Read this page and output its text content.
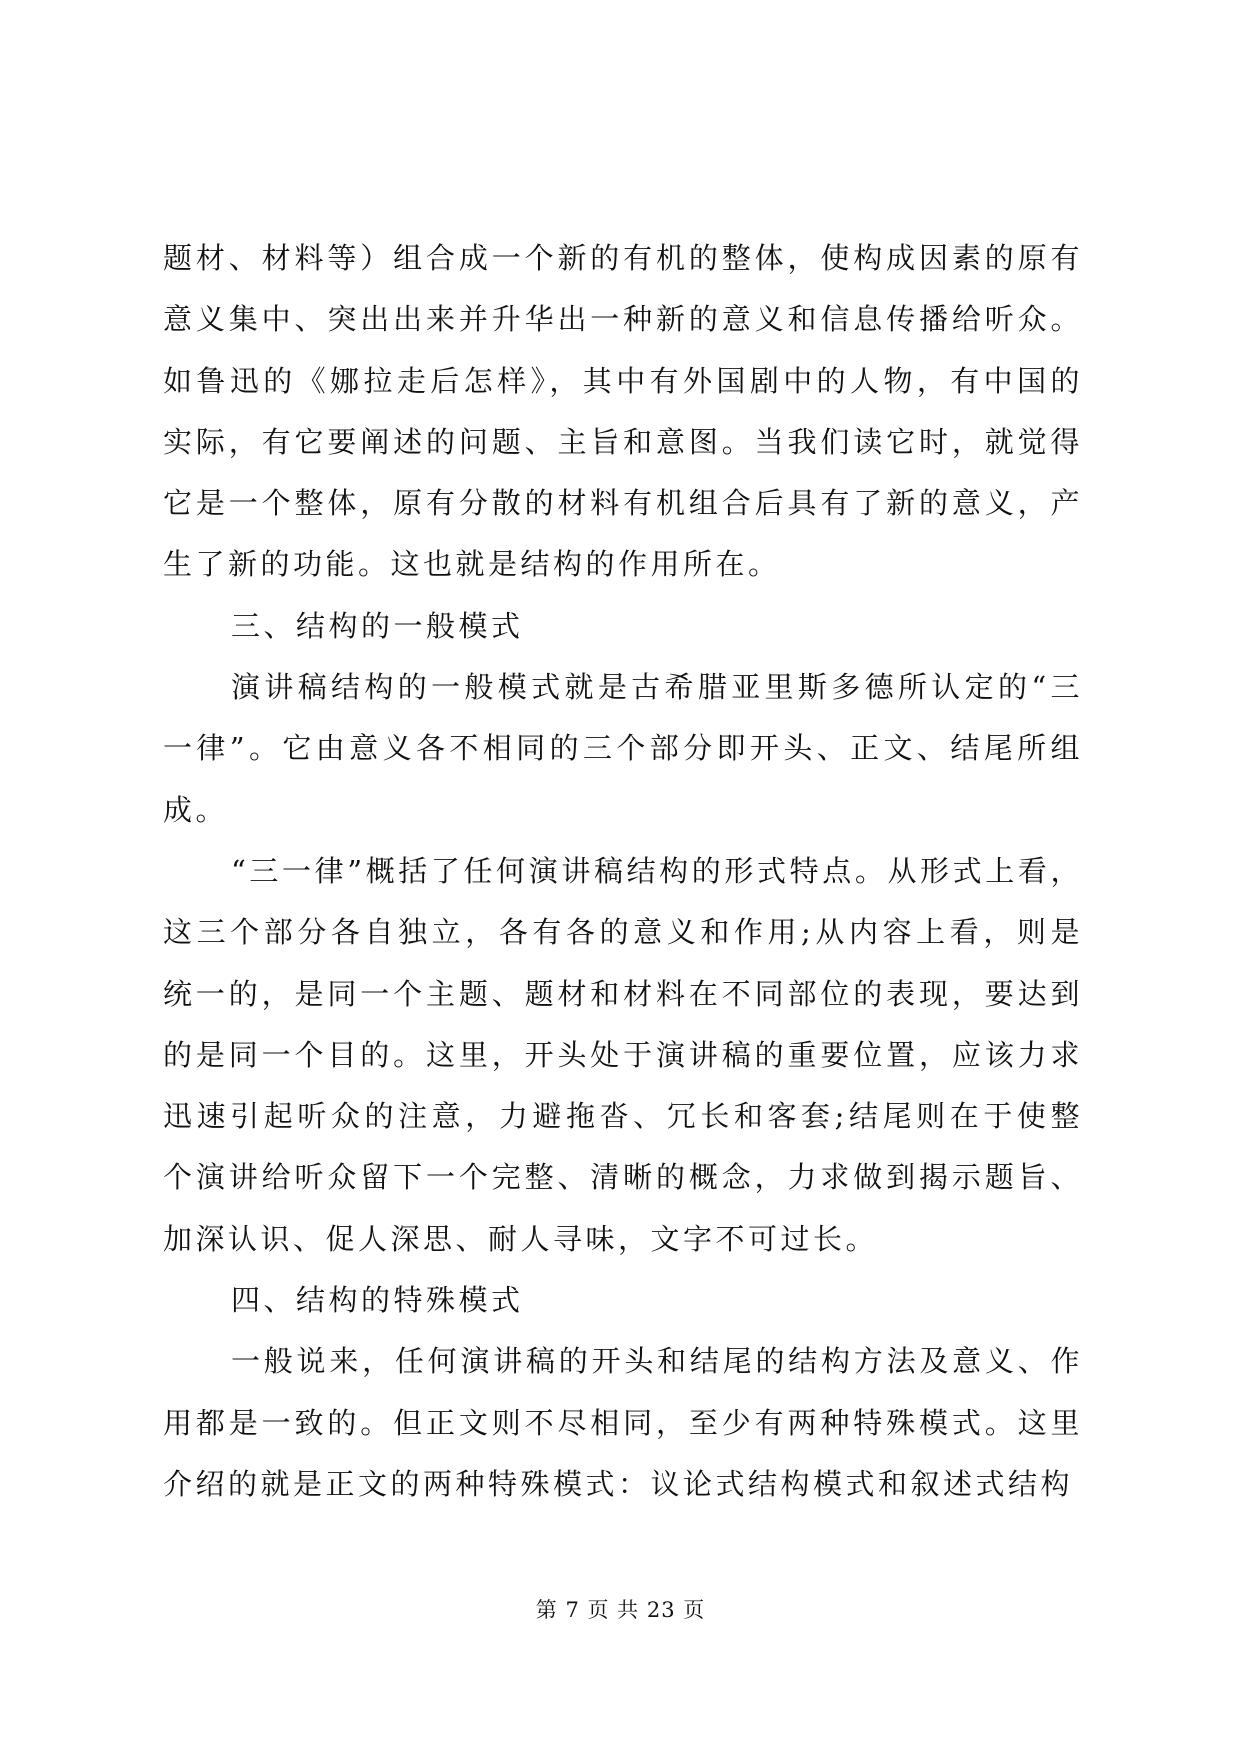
题材、材料等）组合成一个新的有机的整体，使构成因素的原有意义集中、突出出来并升华出一种新的意义和信息传播给听众。如鲁迅的《娜拉走后怎样》，其中有外国剧中的人物，有中国的实际，有它要阐述的问题、主旨和意图。当我们读它时，就觉得它是一个整体，原有分散的材料有机组合后具有了新的意义，产生了新的功能。这也就是结构的作用所在。

三、结构的一般模式

演讲稿结构的一般模式就是古希腊亚里斯多德所认定的“三一律”。它由意义各不相同的三个部分即开头、正文、结尾所组成。

“三一律”概括了任何演讲稿结构的形式特点。从形式上看，这三个部分各自独立，各有各的意义和作用;从内容上看，则是统一的，是同一个主题、题材和材料在不同部位的表现，要达到的是同一个目的。这里，开头处于演讲稿的重要位置，应该力求迅速引起听众的注意，力避拖沓、冗长和客套;结尾则在于使整个演讲给听众留下一个完整、清晰的概念，力求做到揭示题旨、加深认识、促人深思、耐人寻味，文字不可过长。

四、结构的特殊模式

一般说来，任何演讲稿的开头和结尾的结构方法及意义、作用都是一致的。但正文则不尽相同，至少有两种特殊模式。这里介绍的就是正文的两种特殊模式：议论式结构模式和叙述式结构

第 7 页 共 23 页
